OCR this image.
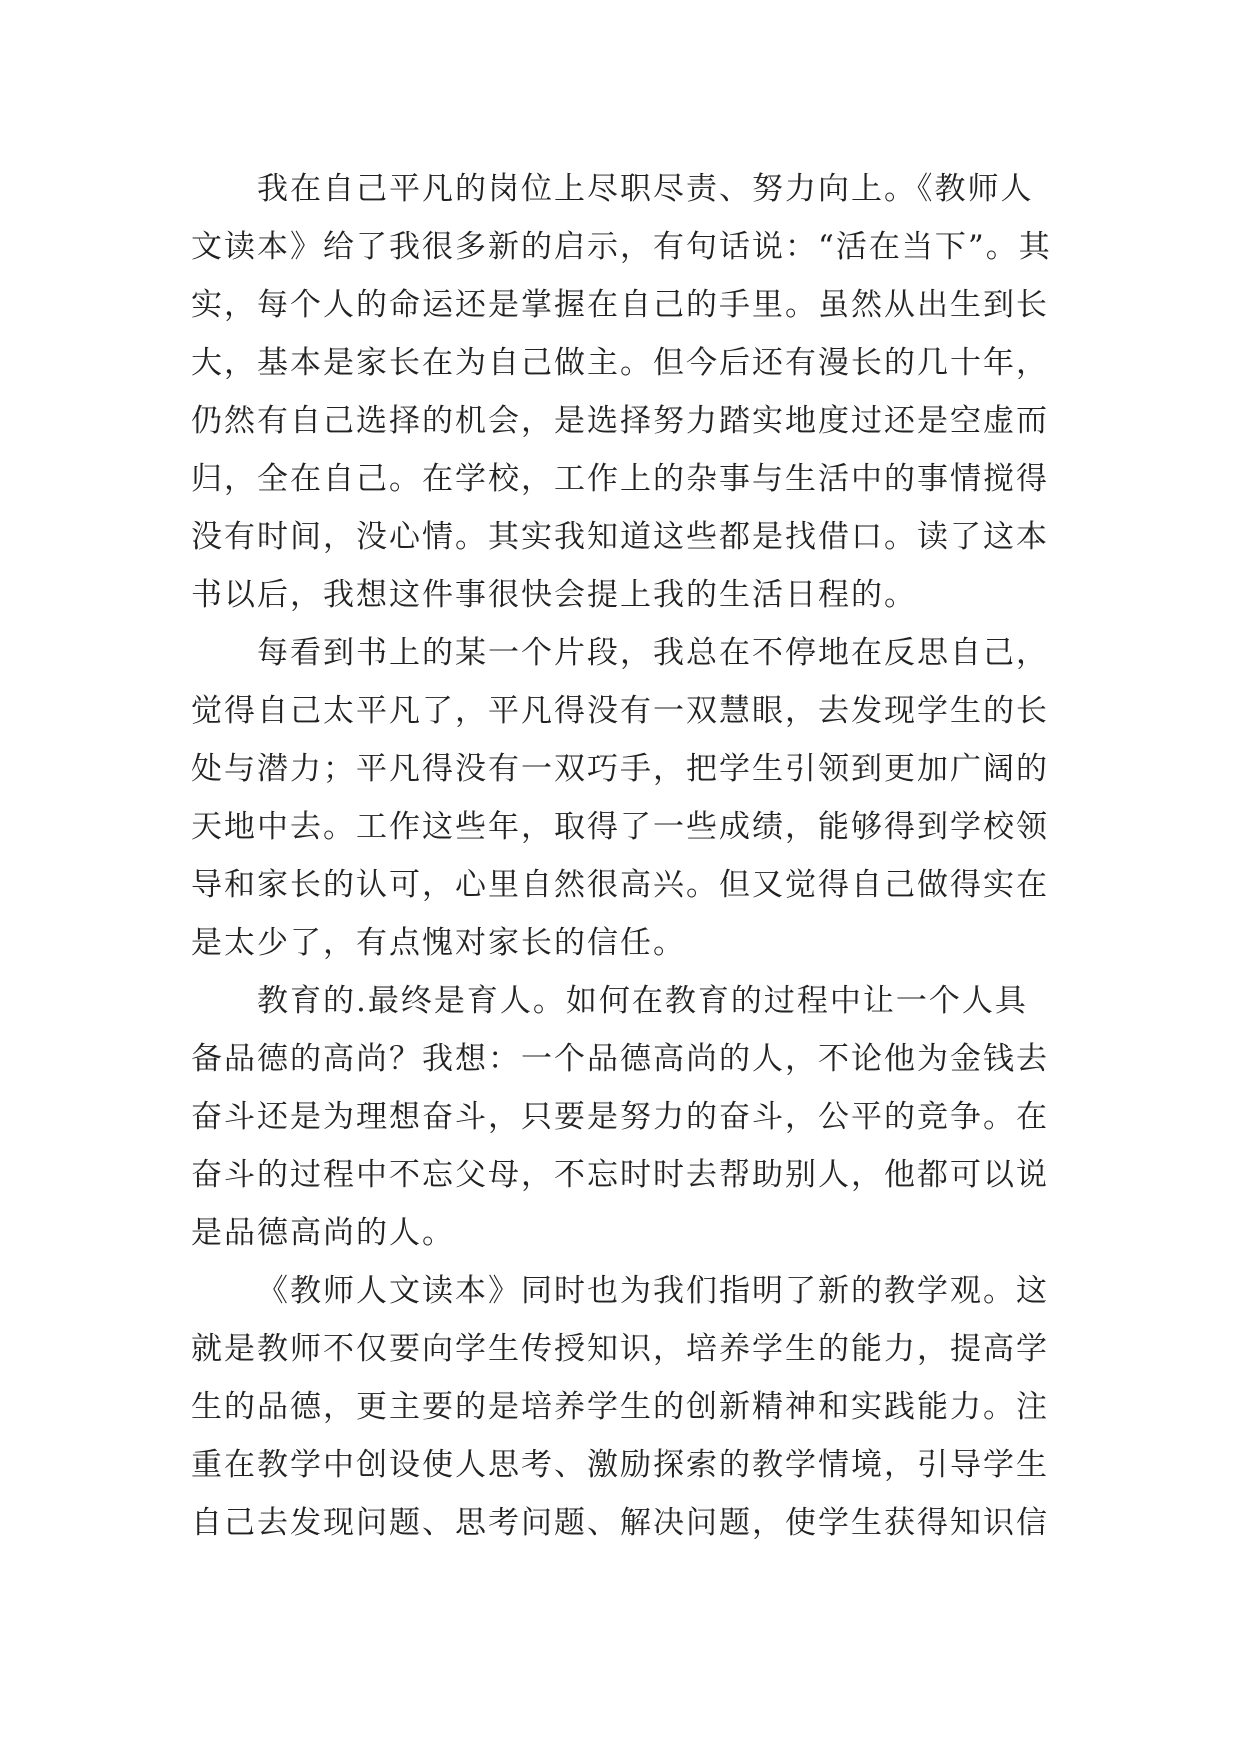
我在自己平凡的岗位上尽职尽责、努力向上。《教师人
文读本》给了我很多新的启示，有句话说：“活在当下”。其
实，每个人的命运还是掌握在自己的手里。虽然从出生到长
大，基本是家长在为自己做主。但今后还有漫长的几十年，
仍然有自己选择的机会，是选择努力踏实地度过还是空虚而
归，全在自己。在学校，工作上的杂事与生活中的事情搅得
没有时间，没心情。其实我知道这些都是找借口。读了这本
书以后，我想这件事很快会提上我的生活日程的。
每看到书上的某一个片段，我总在不停地在反思自己，
觉得自己太平凡了，平凡得没有一双慧眼，去发现学生的长
处与潜力；平凡得没有一双巧手，把学生引领到更加广阔的
天地中去。工作这些年，取得了一些成绩，能够得到学校领
导和家长的认可，心里自然很高兴。但又觉得自己做得实在
是太少了，有点愧对家长的信任。
教育的.最终是育人。如何在教育的过程中让一个人具
备品德的高尚？我想：一个品德高尚的人，不论他为金钱去
奋斗还是为理想奋斗，只要是努力的奋斗，公平的竞争。在
奋斗的过程中不忘父母，不忘时时去帮助别人，他都可以说
是品德高尚的人。
《教师人文读本》同时也为我们指明了新的教学观。这
就是教师不仅要向学生传授知识，培养学生的能力，提高学
生的品德，更主要的是培养学生的创新精神和实践能力。注
重在教学中创设使人思考、激励探索的教学情境，引导学生
自己去发现问题、思考问题、解决问题，使学生获得知识信
